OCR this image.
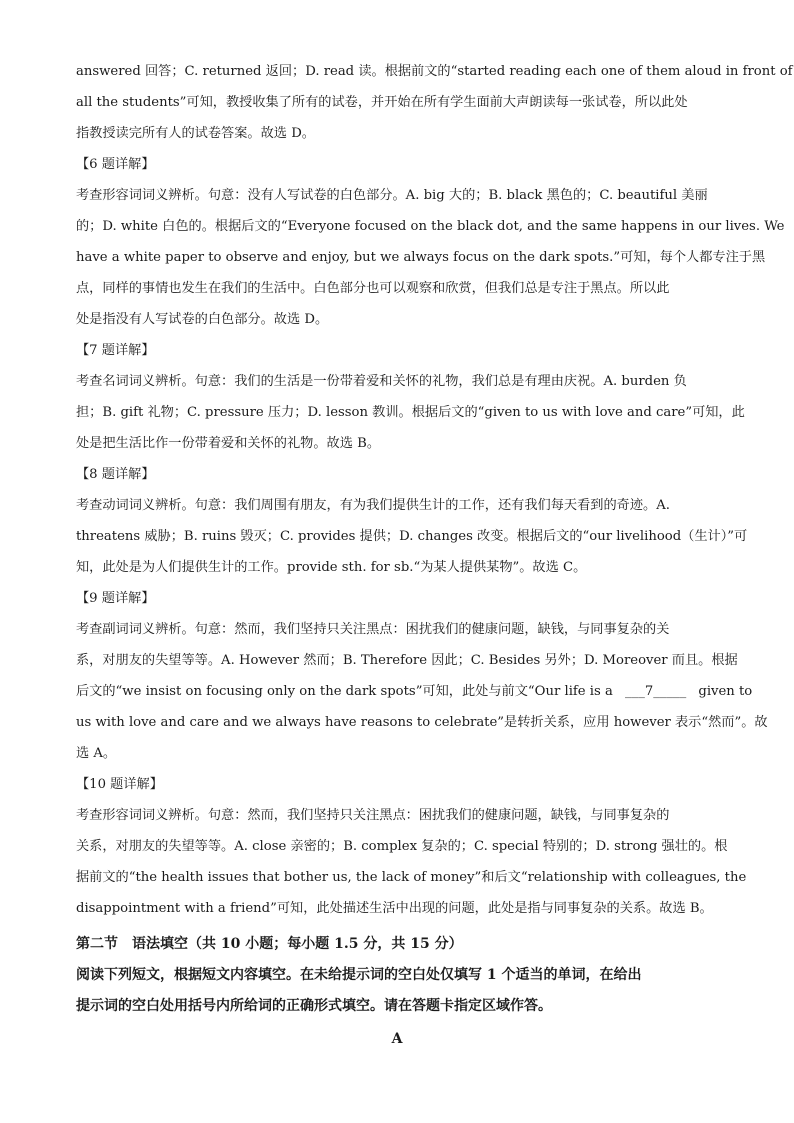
answered 回答；C. returned 返回；D. read 读。根据前文的“started reading each one of them aloud in front of
all the students”可知，教授收集了所有的试卷，并开始在所有学生面前大声朗读每一张试卷，所以此处
指教授读完所有人的试卷答案。故选 D。
【6 题详解】
考查形容词词义辨析。句意：没有人写试卷的白色部分。A. big 大的；B. black 黑色的；C. beautiful 美丽
的；D. white 白色的。根据后文的“Everyone focused on the black dot, and the same happens in our lives. We
have a white paper to observe and enjoy, but we always focus on the dark spots.”可知，每个人都专注于黑
点，同样的事情也发生在我们的生活中。白色部分也可以观察和欣赏，但我们总是专注于黑点。所以此
处是指没有人写试卷的白色部分。故选 D。
【7 题详解】
考查名词词义辨析。句意：我们的生活是一份带着爱和关怀的礼物，我们总是有理由庆祝。A. burden 负
担；B. gift 礼物；C. pressure 压力；D. lesson 教训。根据后文的“given to us with love and care”可知，此
处是把生活比作一份带着爱和关怀的礼物。故选 B。
【8 题详解】
考查动词词义辨析。句意：我们周围有朋友，有为我们提供生计的工作，还有我们每天看到的奇迹。A.
threatens 威胁；B. ruins 毁灭；C. provides 提供；D. changes 改变。根据后文的“our livelihood（生计）”可
知，此处是为人们提供生计的工作。provide sth. for sb.“为某人提供某物”。故选 C。
【9 题详解】
考查副词词义辨析。句意：然而，我们坚持只关注黑点：困扰我们的健康问题，缺钱，与同事复杂的关
系，对朋友的失望等等。A. However 然而；B. Therefore 因此；C. Besides 另外；D. Moreover 而且。根据
后文的“we insist on focusing only on the dark spots”可知，此处与前文“Our life is a ___7_____ given to
us with love and care and we always have reasons to celebrate”是转折关系，应用 however 表示“然而”。故
选 A。
【10 题详解】
考查形容词词义辨析。句意：然而，我们坚持只关注黑点：困扰我们的健康问题，缺钱，与同事复杂的
关系，对朋友的失望等等。A. close 亲密的；B. complex 复杂的；C. special 特别的；D. strong 强壮的。根
据前文的“the health issues that bother us, the lack of money”和后文“relationship with colleagues, the
disappointment with a friend”可知，此处描述生活中出现的问题，此处是指与同事复杂的关系。故选 B。
第二节　语法填空（共 10 小题；每小题 1.5 分，共 15 分）
阅读下列短文，根据短文内容填空。在未给提示词的空白处仅填写 1 个适当的单词，在给出
提示词的空白处用括号内所给词的正确形式填空。请在答题卡指定区域作答。
A
